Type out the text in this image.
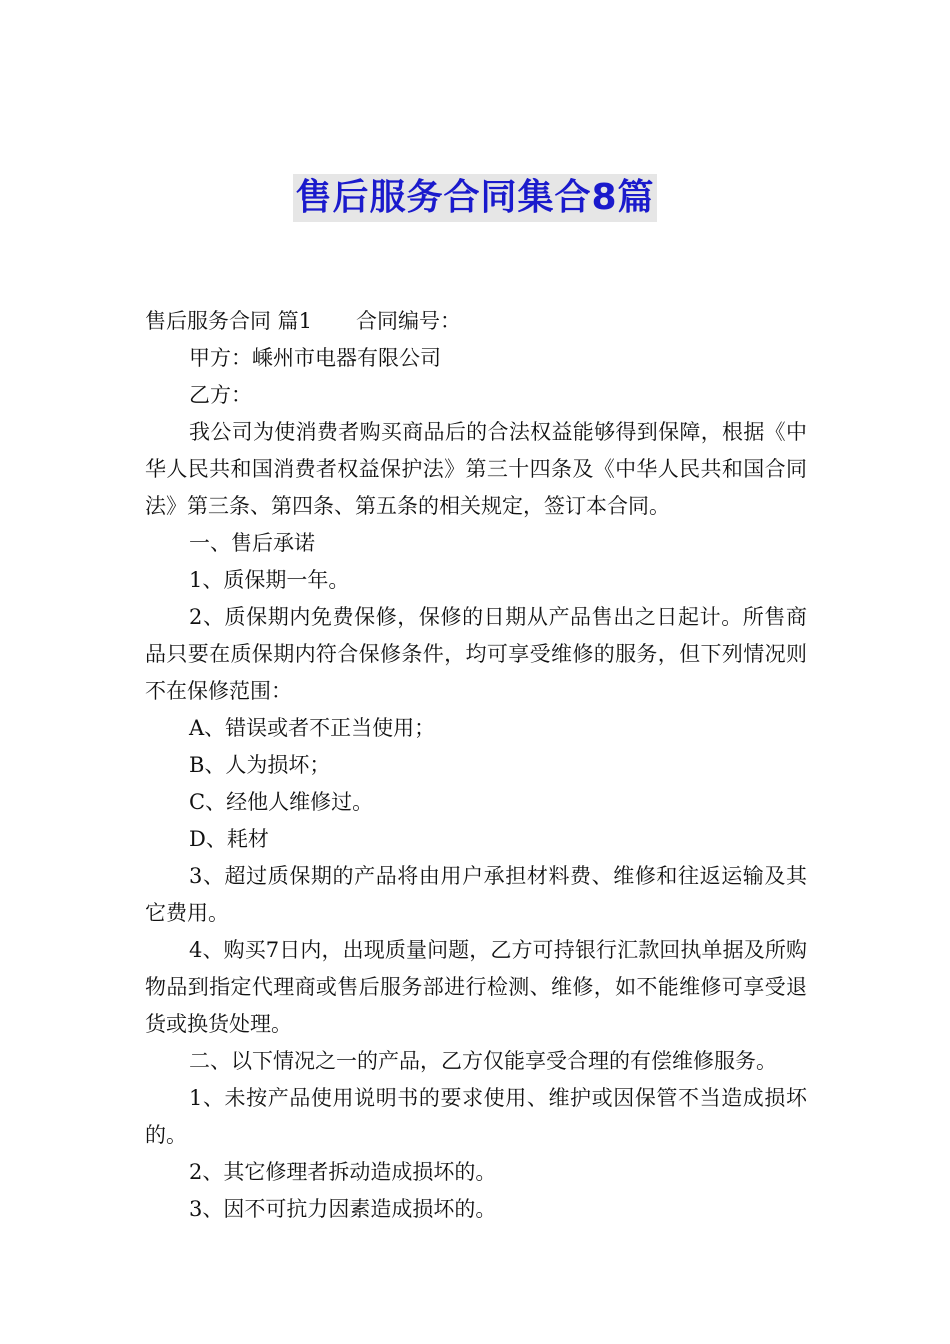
售后服务合同集合8篇

售后服务合同 篇1 合同编号：

甲方：嵊州市电器有限公司

乙方：

我公司为使消费者购买商品后的合法权益能够得到保障，根据《中华人民共和国消费者权益保护法》第三十四条及《中华人民共和国合同法》第三条、第四条、第五条的相关规定，签订本合同。

一、售后承诺

1、质保期一年。

2、质保期内免费保修，保修的日期从产品售出之日起计。所售商品只要在质保期内符合保修条件，均可享受维修的服务，但下列情况则不在保修范围：

A、错误或者不正当使用；

B、人为损坏；

C、经他人维修过。

D、耗材

3、超过质保期的产品将由用户承担材料费、维修和往返运输及其它费用。

4、购买7日内，出现质量问题，乙方可持银行汇款回执单据及所购物品到指定代理商或售后服务部进行检测、维修，如不能维修可享受退货或换货处理。

二、以下情况之一的产品，乙方仅能享受合理的有偿维修服务。

1、未按产品使用说明书的要求使用、维护或因保管不当造成损坏的。

2、其它修理者拆动造成损坏的。

3、因不可抗力因素造成损坏的。
